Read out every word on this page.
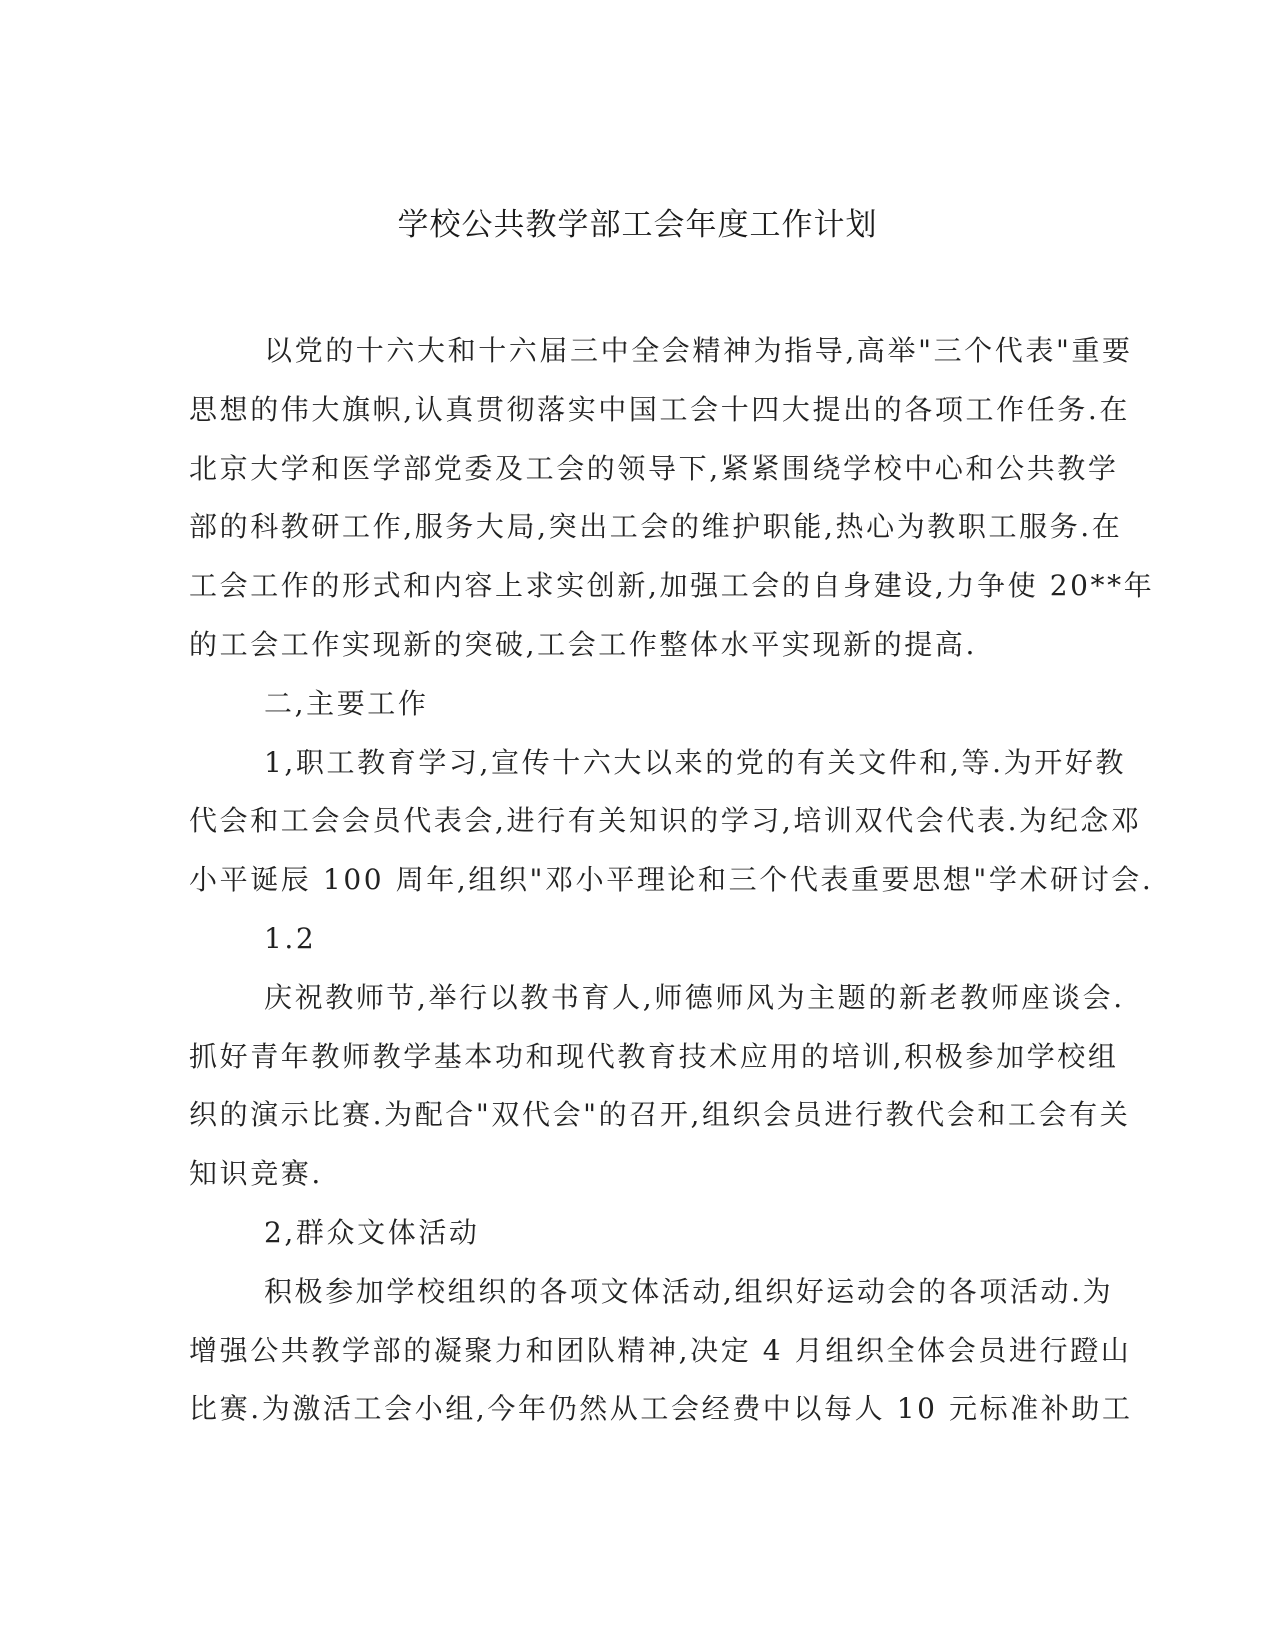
学校公共教学部工会年度工作计划
以党的十六大和十六届三中全会精神为指导,高举"三个代表"重要
思想的伟大旗帜,认真贯彻落实中国工会十四大提出的各项工作任务.在
北京大学和医学部党委及工会的领导下,紧紧围绕学校中心和公共教学
部的科教研工作,服务大局,突出工会的维护职能,热心为教职工服务.在
工会工作的形式和内容上求实创新,加强工会的自身建设,力争使 20**年
的工会工作实现新的突破,工会工作整体水平实现新的提高.
二,主要工作
1,职工教育学习,宣传十六大以来的党的有关文件和,等.为开好教
代会和工会会员代表会,进行有关知识的学习,培训双代会代表.为纪念邓
小平诞辰 100 周年,组织"邓小平理论和三个代表重要思想"学术研讨会.
1.2
庆祝教师节,举行以教书育人,师德师风为主题的新老教师座谈会.
抓好青年教师教学基本功和现代教育技术应用的培训,积极参加学校组
织的演示比赛.为配合"双代会"的召开,组织会员进行教代会和工会有关
知识竞赛.
2,群众文体活动
积极参加学校组织的各项文体活动,组织好运动会的各项活动.为
增强公共教学部的凝聚力和团队精神,决定 4 月组织全体会员进行蹬山
比赛.为激活工会小组,今年仍然从工会经费中以每人 10 元标准补助工
